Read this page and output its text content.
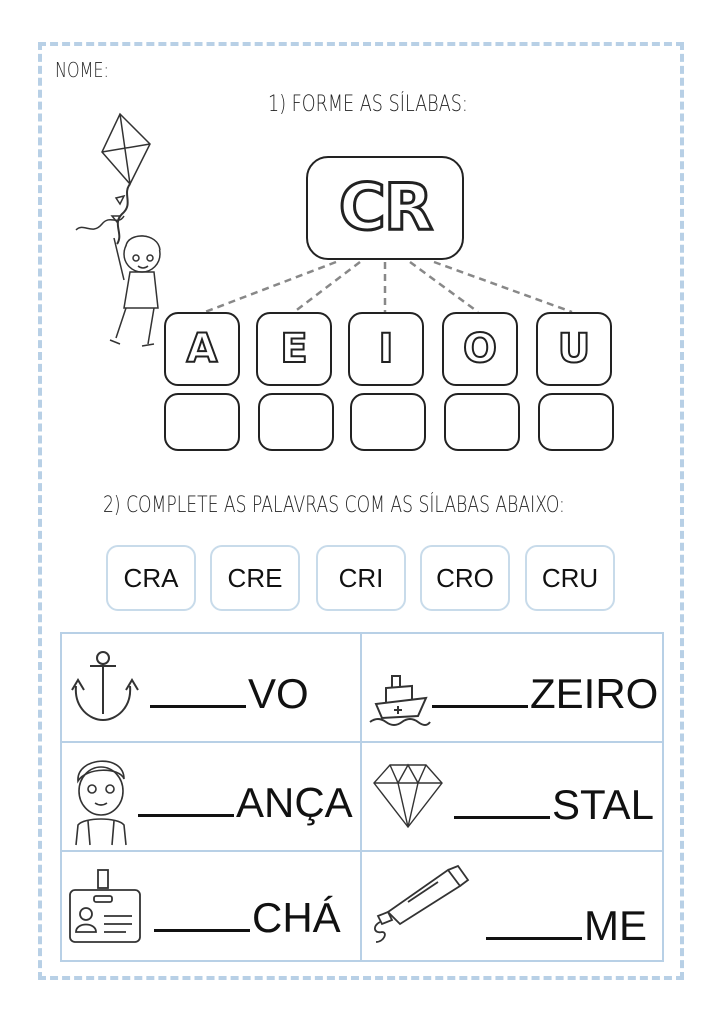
NOME:
1) FORME AS SÍLABAS:
CR
A E I O U
2) COMPLETE AS PALAVRAS COM AS SÍLABAS ABAIXO:
CRA	CRE	CRI	CRO	CRU
VO	ZEIRO
ANÇA	STAL
CHÁ	ME
